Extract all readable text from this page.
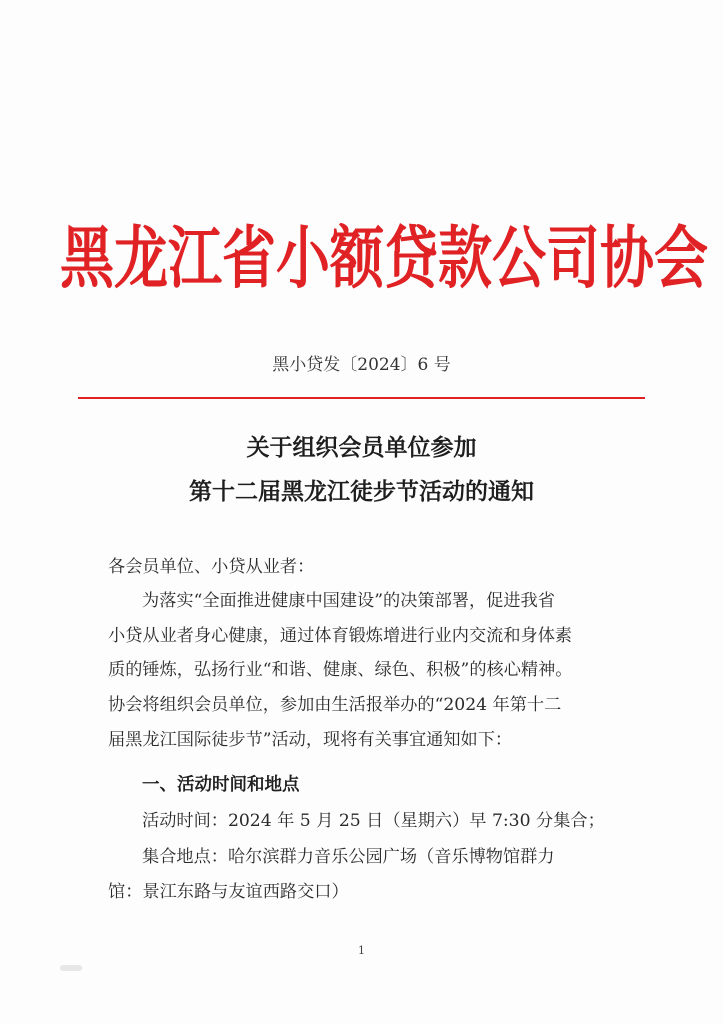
黑龙江省小额贷款公司协会
黑小贷发〔2024〕6 号
关于组织会员单位参加
第十二届黑龙江徒步节活动的通知
各会员单位、小贷从业者：
为落实“全面推进健康中国建设”的决策部署，促进我省
小贷从业者身心健康，通过体育锻炼增进行业内交流和身体素
质的锤炼，弘扬行业“和谐、健康、绿色、积极”的核心精神。
协会将组织会员单位，参加由生活报举办的“2024 年第十二
届黑龙江国际徒步节”活动，现将有关事宜通知如下：
一、活动时间和地点
活动时间：2024 年 5 月 25 日（星期六）早 7:30 分集合；
集合地点：哈尔滨群力音乐公园广场（音乐博物馆群力
馆：景江东路与友谊西路交口）
1
